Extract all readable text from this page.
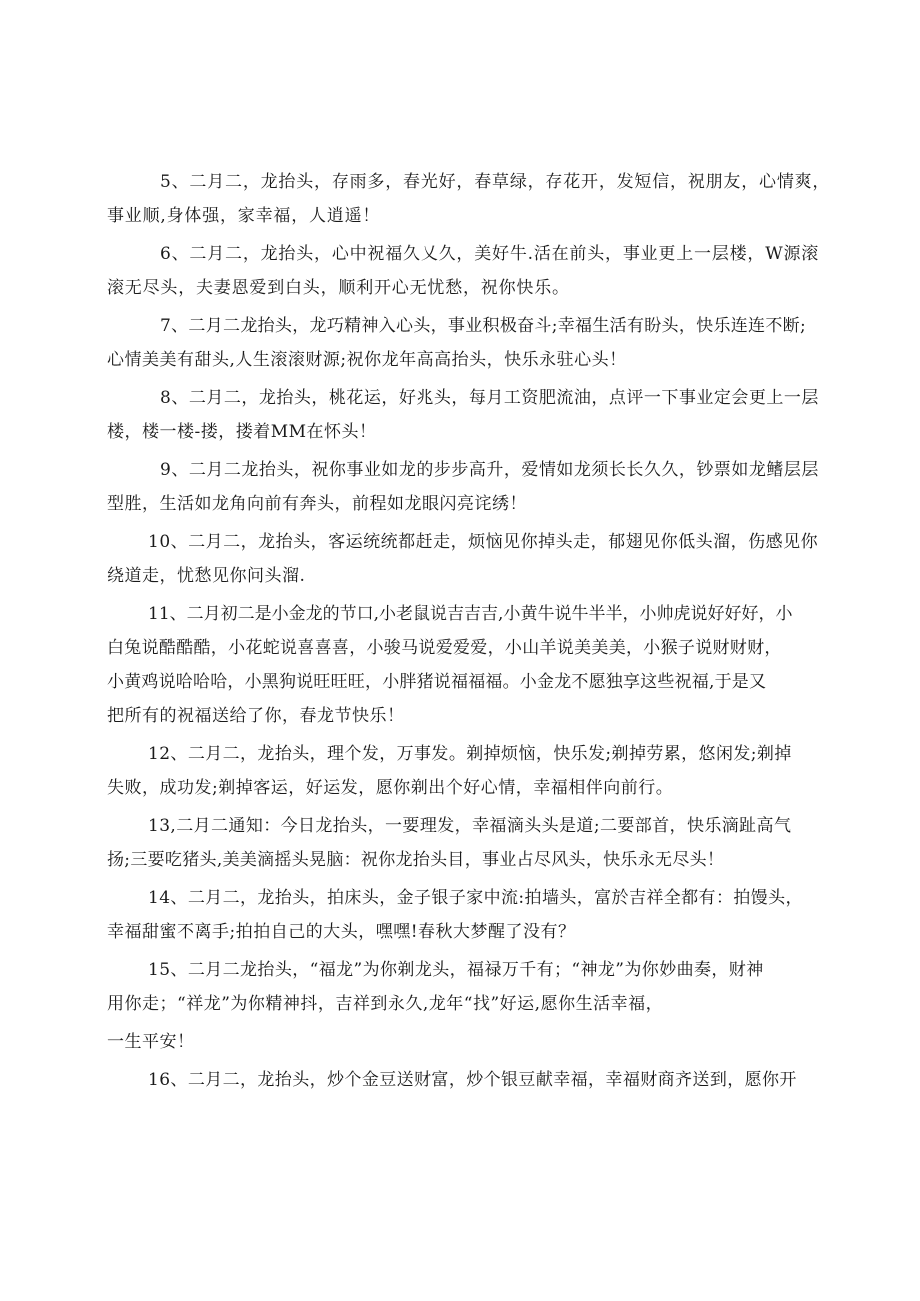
5、二月二，龙抬头，存雨多，春光好，春草绿，存花开，发短信，祝朋友，心情爽，

事业顺,身体强，家幸福，人逍遥！

6、二月二，龙抬头，心中祝福久乂久，美好牛.活在前头，事业更上一层楼，W源滚

滚无尽头，夫妻恩爱到白头，顺利开心无忧愁，祝你快乐。

7、二月二龙抬头，龙巧精神入心头，事业积极奋斗;幸福生活有盼头，快乐连连不断;

心情美美有甜头,人生滚滚财源;祝你龙年高高抬头，快乐永驻心头！

8、二月二，龙抬头，桃花运，好兆头，每月工资肥流油，点评一下事业定会更上一层

楼，楼一楼-搂，搂着MM在怀头！

9、二月二龙抬头，祝你事业如龙的步步高升，爱情如龙须长长久久，钞票如龙鳍层层

型胜，生活如龙角向前有奔头，前程如龙眼闪亮诧绣！

10、二月二，龙抬头，客运统统都赶走，烦恼见你掉头走，郁翅见你低头溜，伤感见你

绕道走，忧愁见你问头溜.

11、二月初二是小金龙的节口,小老鼠说吉吉吉,小黄牛说牛半半，小帅虎说好好好，小

白兔说酷酷酷，小花蛇说喜喜喜，小骏马说爱爱爱，小山羊说美美美，小猴子说财财财，

小黄鸡说哈哈哈，小黑狗说旺旺旺，小胖猪说福福福。小金龙不愿独享这些祝福,于是又

把所有的祝福送给了你，春龙节快乐！

12、二月二，龙抬头，理个发，万事发。剃掉烦恼，快乐发;剃掉劳累，悠闲发;剃掉

失败，成功发;剃掉客运，好运发，愿你剃出个好心情，幸福相伴向前行。

13,二月二通知：今日龙抬头，一要理发，幸福滴头头是道;二要部首，快乐滴趾高气

扬;三要吃猪头,美美滴摇头晃脑：祝你龙抬头目，事业占尽风头，快乐永无尽头！

14、二月二，龙抬头，拍床头，金子银子家中流:拍墙头，富於吉祥全都有：拍馒头，

幸福甜蜜不离手;拍拍自己的大头，嘿嘿!春秋大梦醒了没有？

15、二月二龙抬头，“福龙”为你剃龙头，福禄万千有；“神龙”为你妙曲奏，财神

用你走；“祥龙”为你精神抖，吉祥到永久,龙年“找”好运,愿你生活幸福，

一生平安！

16、二月二，龙抬头，炒个金豆送财富，炒个银豆献幸福，幸福财商齐送到，愿你开
